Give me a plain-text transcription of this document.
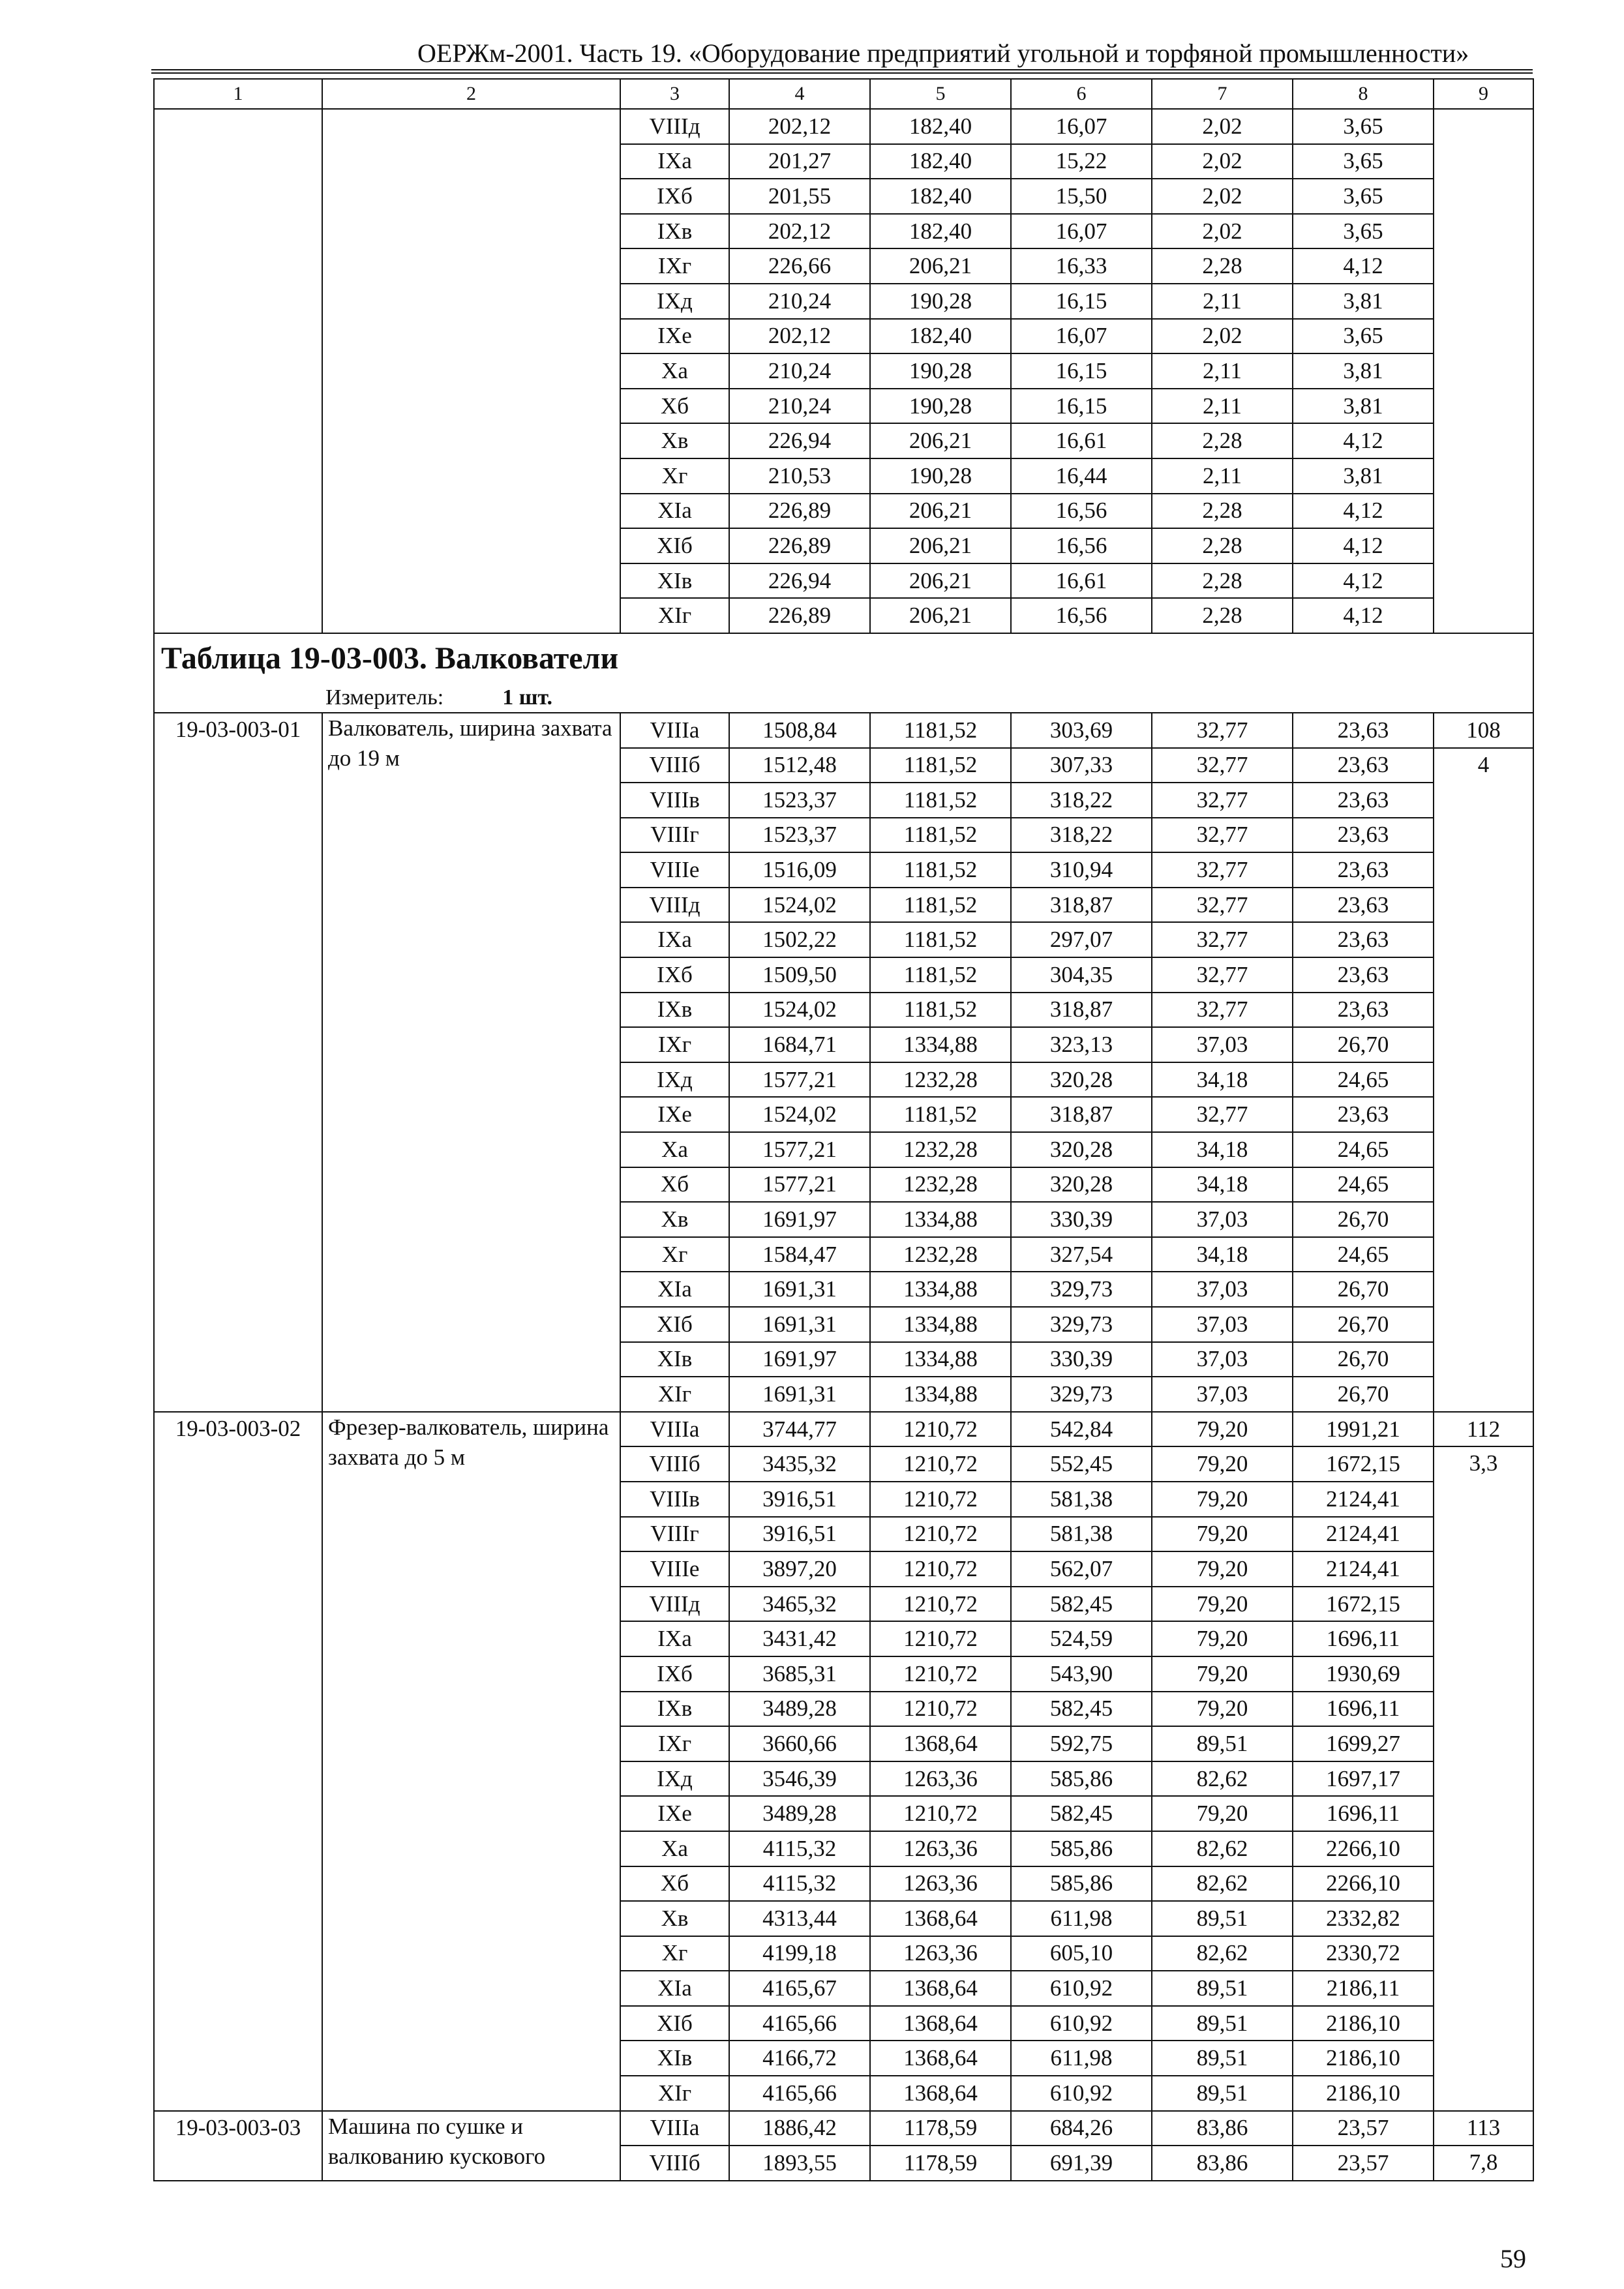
ОЕРЖм-2001. Часть 19. «Оборудование предприятий угольной и торфяной промышленности»
1	2	3	4	5	6	7	8	9
		VIIIд	202,12	182,40	16,07	2,02	3,65	
		IXа	201,27	182,40	15,22	2,02	3,65	
		IXб	201,55	182,40	15,50	2,02	3,65	
		IXв	202,12	182,40	16,07	2,02	3,65	
		IXг	226,66	206,21	16,33	2,28	4,12	
		IXд	210,24	190,28	16,15	2,11	3,81	
		IXе	202,12	182,40	16,07	2,02	3,65	
		Xа	210,24	190,28	16,15	2,11	3,81	
		Xб	210,24	190,28	16,15	2,11	3,81	
		Xв	226,94	206,21	16,61	2,28	4,12	
		Xг	210,53	190,28	16,44	2,11	3,81	
		XIа	226,89	206,21	16,56	2,28	4,12	
		XIб	226,89	206,21	16,56	2,28	4,12	
		XIв	226,94	206,21	16,61	2,28	4,12	
		XIг	226,89	206,21	16,56	2,28	4,12	

Таблица 19-03-003. Валкователи
Измеритель: 1 шт.								

19-03-003-01	Валкователь, ширина захвата до 19 м	VIIIа	1508,84	1181,52	303,69	32,77	23,63	108
		VIIIб	1512,48	1181,52	307,33	32,77	23,63	4
		VIIIв	1523,37	1181,52	318,22	32,77	23,63	
		VIIIг	1523,37	1181,52	318,22	32,77	23,63	
		VIIIе	1516,09	1181,52	310,94	32,77	23,63	
		VIIIд	1524,02	1181,52	318,87	32,77	23,63	
		IXа	1502,22	1181,52	297,07	32,77	23,63	
		IXб	1509,50	1181,52	304,35	32,77	23,63	
		IXв	1524,02	1181,52	318,87	32,77	23,63	
		IXг	1684,71	1334,88	323,13	37,03	26,70	
		IXд	1577,21	1232,28	320,28	34,18	24,65	
		IXе	1524,02	1181,52	318,87	32,77	23,63	
		Xа	1577,21	1232,28	320,28	34,18	24,65	
		Xб	1577,21	1232,28	320,28	34,18	24,65	
		Xв	1691,97	1334,88	330,39	37,03	26,70	
		Xг	1584,47	1232,28	327,54	34,18	24,65	
		XIа	1691,31	1334,88	329,73	37,03	26,70	
		XIб	1691,31	1334,88	329,73	37,03	26,70	
		XIв	1691,97	1334,88	330,39	37,03	26,70	
		XIг	1691,31	1334,88	329,73	37,03	26,70	
19-03-003-02	Фрезер-валкователь, ширина захвата до 5 м	VIIIа	3744,77	1210,72	542,84	79,20	1991,21	112
		VIIIб	3435,32	1210,72	552,45	79,20	1672,15	3,3
		VIIIв	3916,51	1210,72	581,38	79,20	2124,41	
		VIIIг	3916,51	1210,72	581,38	79,20	2124,41	
		VIIIе	3897,20	1210,72	562,07	79,20	2124,41	
		VIIIд	3465,32	1210,72	582,45	79,20	1672,15	
		IXа	3431,42	1210,72	524,59	79,20	1696,11	
		IXб	3685,31	1210,72	543,90	79,20	1930,69	
		IXв	3489,28	1210,72	582,45	79,20	1696,11	
		IXг	3660,66	1368,64	592,75	89,51	1699,27	
		IXд	3546,39	1263,36	585,86	82,62	1697,17	
		IXе	3489,28	1210,72	582,45	79,20	1696,11	
		Xа	4115,32	1263,36	585,86	82,62	2266,10	
		Xб	4115,32	1263,36	585,86	82,62	2266,10	
		Xв	4313,44	1368,64	611,98	89,51	2332,82	
		Xг	4199,18	1263,36	605,10	82,62	2330,72	
		XIа	4165,67	1368,64	610,92	89,51	2186,11	
		XIб	4165,66	1368,64	610,92	89,51	2186,10	
		XIв	4166,72	1368,64	611,98	89,51	2186,10	
		XIг	4165,66	1368,64	610,92	89,51	2186,10	
19-03-003-03	Машина по сушке и валкованию кускового	VIIIа	1886,42	1178,59	684,26	83,86	23,57	113
		VIIIб	1893,55	1178,59	691,39	83,86	23,57	7,8
59
